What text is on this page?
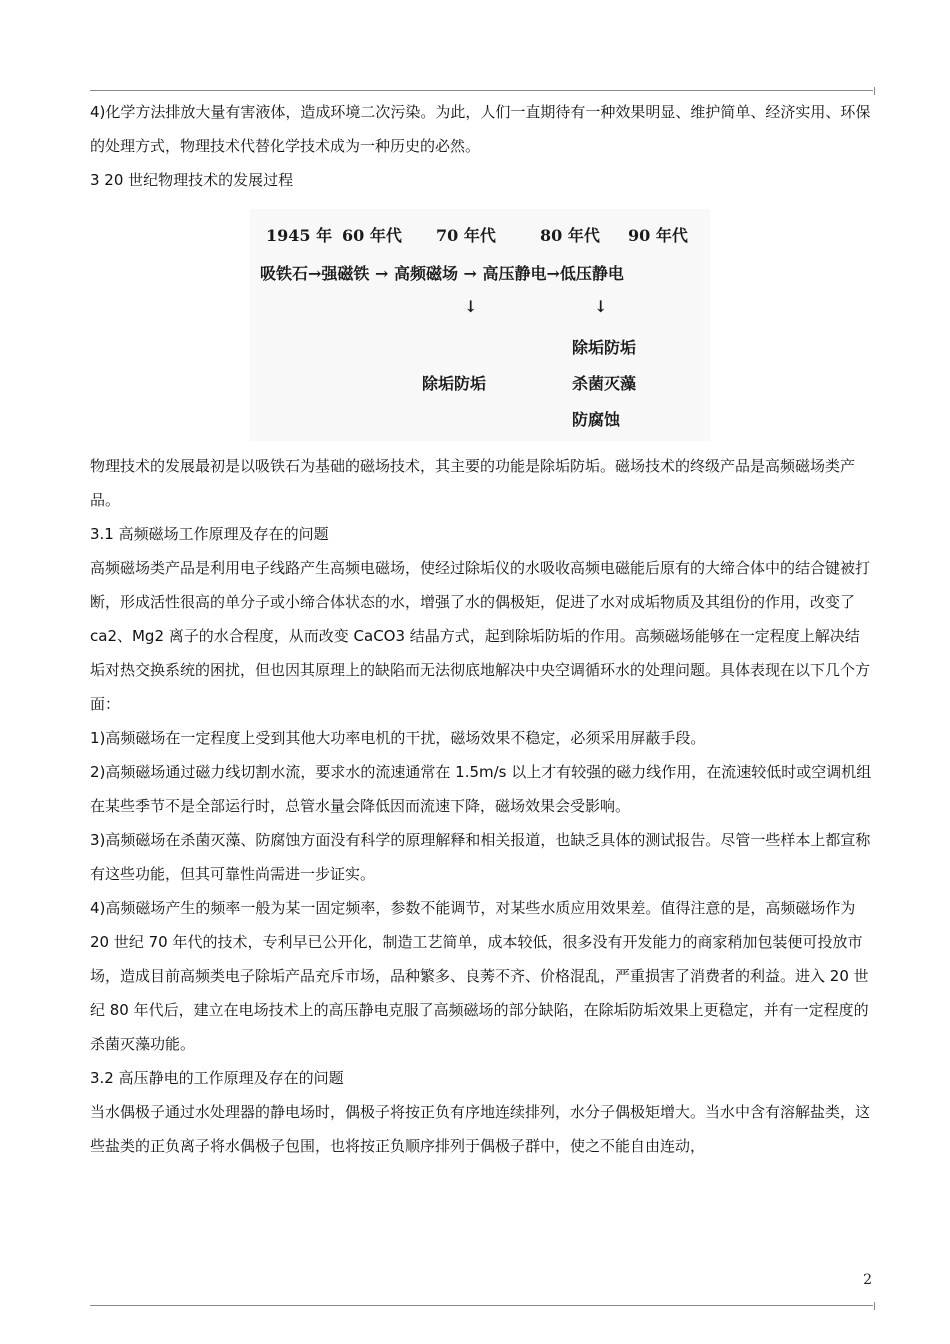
4)化学方法排放大量有害液体，造成环境二次污染。为此，人们一直期待有一种效果明显、维护简单、经济实用、环保的处理方式，物理技术代替化学技术成为一种历史的必然。

3 20 世纪物理技术的发展过程

1945 年 60 年代 70 年代	80 年代 90 年代
吸铁石→强磁铁 → 高频磁场 → 高压静电→低压静电
↓	↓
除垢防垢
除垢防垢	杀菌灭藻
防腐蚀

物理技术的发展最初是以吸铁石为基础的磁场技术，其主要的功能是除垢防垢。磁场技术的终级产品是高频磁场类产品。

3.1 高频磁场工作原理及存在的问题

高频磁场类产品是利用电子线路产生高频电磁场，使经过除垢仪的水吸收高频电磁能后原有的大缔合体中的结合键被打断，形成活性很高的单分子或小缔合体状态的水，增强了水的偶极矩，促进了水对成垢物质及其组份的作用，改变了 ca2、Mg2 离子的水合程度，从而改变 CaCO3 结晶方式，起到除垢防垢的作用。高频磁场能够在一定程度上解决结垢对热交换系统的困扰，但也因其原理上的缺陷而无法彻底地解决中央空调循环水的处理问题。具体表现在以下几个方面：

1)高频磁场在一定程度上受到其他大功率电机的干扰，磁场效果不稳定，必须采用屏蔽手段。

2)高频磁场通过磁力线切割水流，要求水的流速通常在 1.5m/s 以上才有较强的磁力线作用，在流速较低时或空调机组在某些季节不是全部运行时，总管水量会降低因而流速下降，磁场效果会受影响。

3)高频磁场在杀菌灭藻、防腐蚀方面没有科学的原理解释和相关报道，也缺乏具体的测试报告。尽管一些样本上都宣称有这些功能，但其可靠性尚需进一步证实。

4)高频磁场产生的频率一般为某一固定频率，参数不能调节，对某些水质应用效果差。值得注意的是，高频磁场作为 20 世纪 70 年代的技术，专利早已公开化，制造工艺简单，成本较低，很多没有开发能力的商家稍加包装便可投放市场，造成目前高频类电子除垢产品充斥市场，品种繁多、良莠不齐、价格混乱，严重损害了消费者的利益。进入 20 世纪 80 年代后，建立在电场技术上的高压静电克服了高频磁场的部分缺陷，在除垢防垢效果上更稳定，并有一定程度的杀菌灭藻功能。

3.2 高压静电的工作原理及存在的问题

当水偶极子通过水处理器的静电场时，偶极子将按正负有序地连续排列，水分子偶极矩增大。当水中含有溶解盐类，这些盐类的正负离子将水偶极子包围，也将按正负顺序排列于偶极子群中，使之不能自由连动，

2
